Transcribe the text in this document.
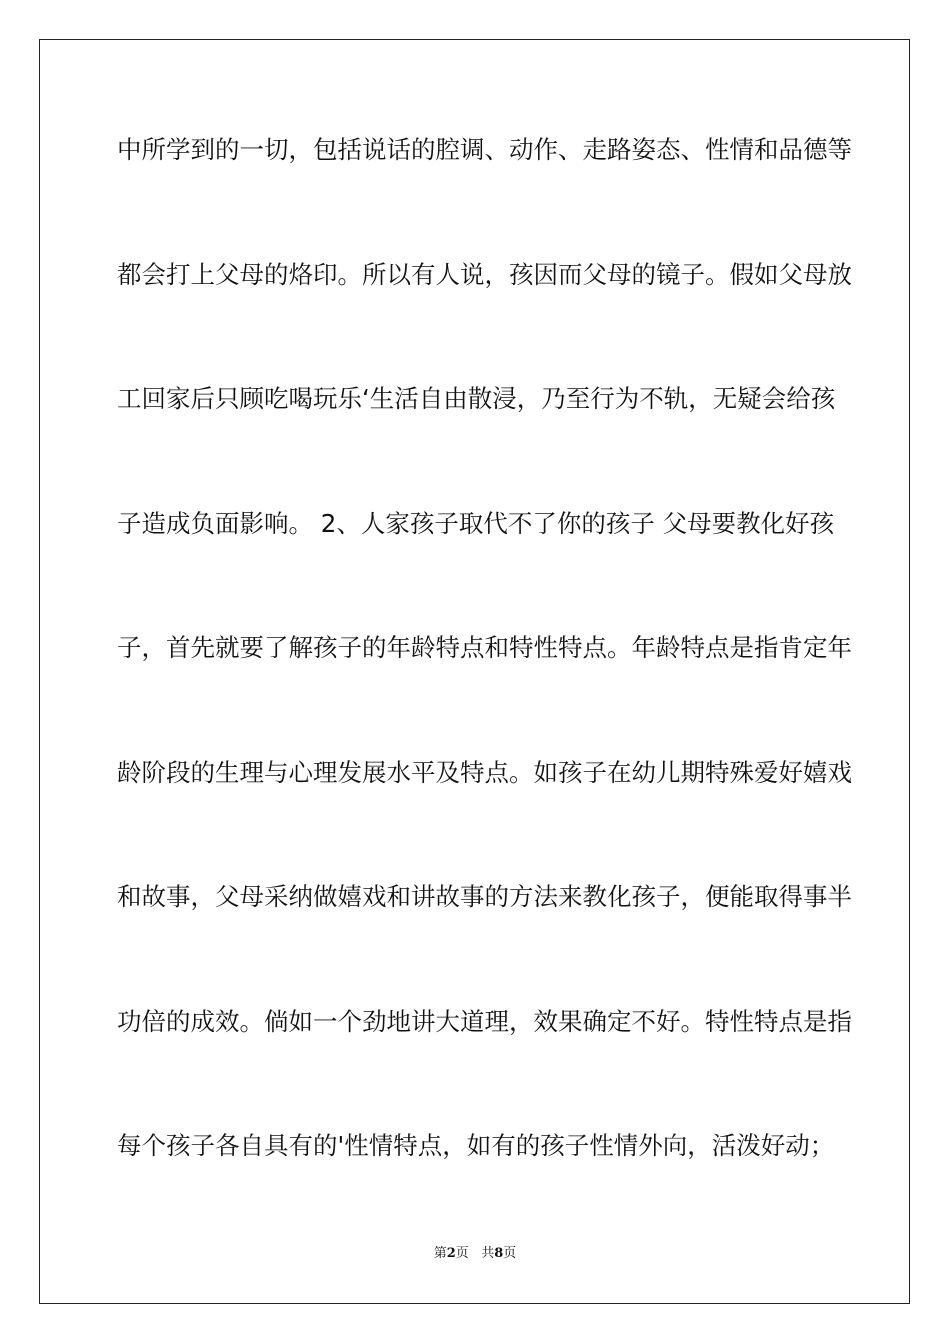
中所学到的一切，包括说话的腔调、动作、走路姿态、性情和品德等
都会打上父母的烙印。所以有人说，孩因而父母的镜子。假如父母放
工回家后只顾吃喝玩乐‘生活自由散浸，乃至行为不轨，无疑会给孩
子造成负面影响。 2、人家孩子取代不了你的孩子 父母要教化好孩
子，首先就要了解孩子的年龄特点和特性特点。年龄特点是指肯定年
龄阶段的生理与心理发展水平及特点。如孩子在幼儿期特殊爱好嬉戏
和故事，父母采纳做嬉戏和讲故事的方法来教化孩子，便能取得事半
功倍的成效。倘如一个劲地讲大道理，效果确定不好。特性特点是指
每个孩子各自具有的'性情特点，如有的孩子性情外向，活泼好动；
第2页 共8页
